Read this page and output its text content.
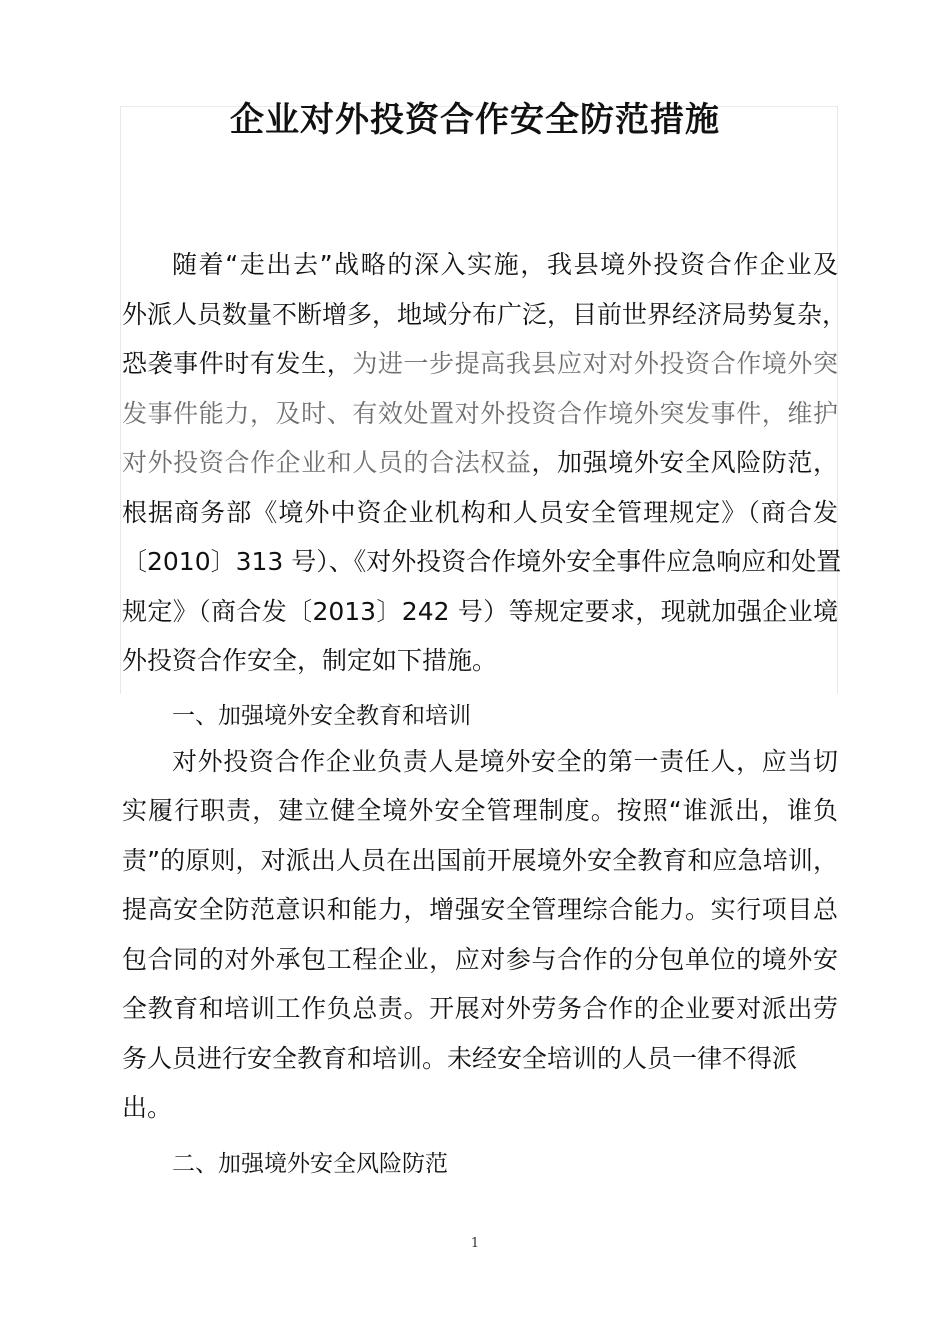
企业对外投资合作安全防范措施
随着“走出去”战略的深入实施，我县境外投资合作企业及
外派人员数量不断增多，地域分布广泛，目前世界经济局势复杂，
恐袭事件时有发生，为进一步提高我县应对对外投资合作境外突
发事件能力，及时、有效处置对外投资合作境外突发事件，维护
对外投资合作企业和人员的合法权益，加强境外安全风险防范，
根据商务部《境外中资企业机构和人员安全管理规定》（商合发
〔2010〕313 号）、《对外投资合作境外安全事件应急响应和处置
规定》（商合发〔2013〕242 号）等规定要求，现就加强企业境
外投资合作安全，制定如下措施。
一、加强境外安全教育和培训
对外投资合作企业负责人是境外安全的第一责任人，应当切
实履行职责，建立健全境外安全管理制度。按照“谁派出，谁负
责”的原则，对派出人员在出国前开展境外安全教育和应急培训，
提高安全防范意识和能力，增强安全管理综合能力。实行项目总
包合同的对外承包工程企业，应对参与合作的分包单位的境外安
全教育和培训工作负总责。开展对外劳务合作的企业要对派出劳
务人员进行安全教育和培训。未经安全培训的人员一律不得派
出。
二、加强境外安全风险防范
1
